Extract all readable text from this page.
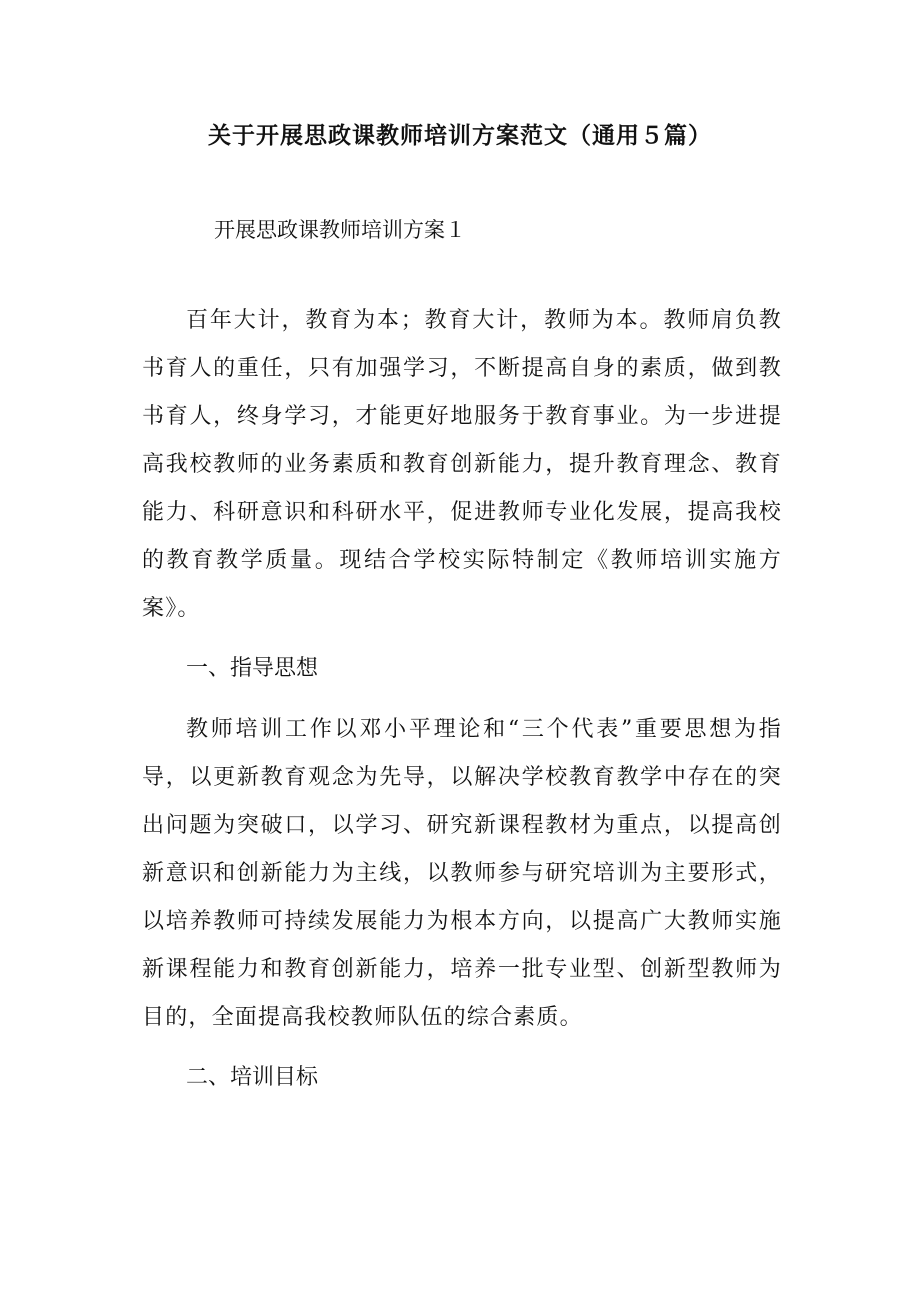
关于开展思政课教师培训方案范文（通用５篇）

开展思政课教师培训方案１

百年大计，教育为本；教育大计，教师为本。教师肩负教书育人的重任，只有加强学习，不断提高自身的素质，做到教书育人，终身学习，才能更好地服务于教育事业。为一步进提高我校教师的业务素质和教育创新能力，提升教育理念、教育能力、科研意识和科研水平，促进教师专业化发展，提高我校的教育教学质量。现结合学校实际特制定《教师培训实施方案》。

一、指导思想

教师培训工作以邓小平理论和“三个代表”重要思想为指导，以更新教育观念为先导，以解决学校教育教学中存在的突出问题为突破口，以学习、研究新课程教材为重点，以提高创新意识和创新能力为主线，以教师参与研究培训为主要形式，以培养教师可持续发展能力为根本方向，以提高广大教师实施新课程能力和教育创新能力，培养一批专业型、创新型教师为目的，全面提高我校教师队伍的综合素质。

二、培训目标
